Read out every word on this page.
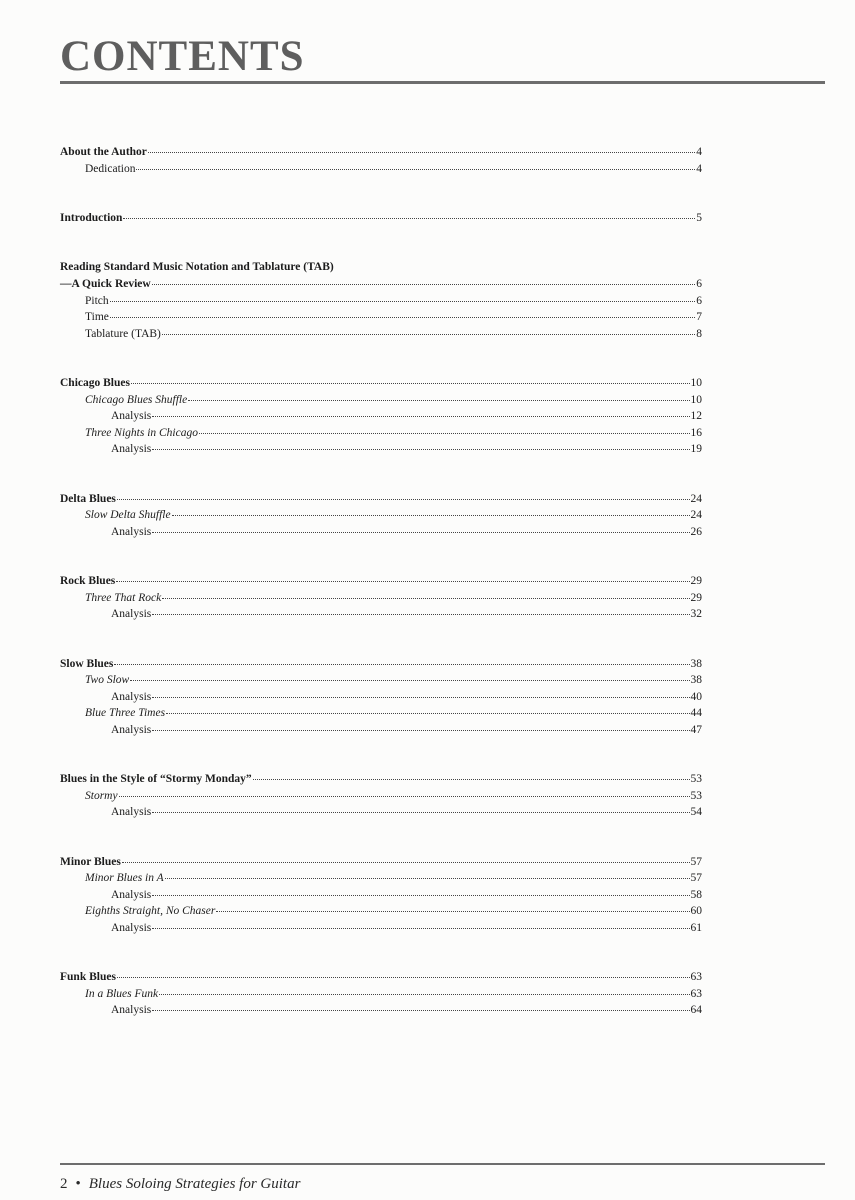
CONTENTS
About the Author	4
Dedication	4
Introduction	5
Reading Standard Music Notation and Tablature (TAB)
—A Quick Review	6
Pitch	6
Time	7
Tablature (TAB)	8
Chicago Blues	10
Chicago Blues Shuffle	10
Analysis	12
Three Nights in Chicago	16
Analysis	19
Delta Blues	24
Slow Delta Shuffle	24
Analysis	26
Rock Blues	29
Three That Rock	29
Analysis	32
Slow Blues	38
Two Slow	38
Analysis	40
Blue Three Times	44
Analysis	47
Blues in the Style of “Stormy Monday”	53
Stormy	53
Analysis	54
Minor Blues	57
Minor Blues in A	57
Analysis	58
Eighths Straight, No Chaser	60
Analysis	61
Funk Blues	63
In a Blues Funk	63
Analysis	64
2 • Blues Soloing Strategies for Guitar
